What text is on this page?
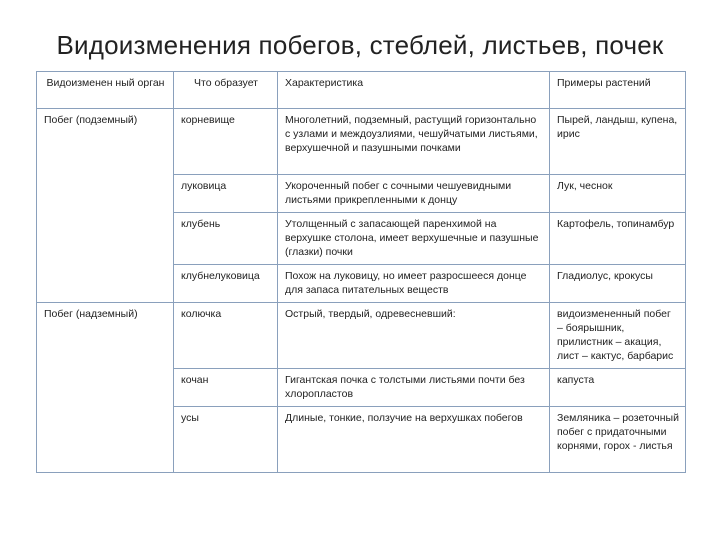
Видоизменения побегов, стеблей, листьев, почек
Видоизменен ный орган	Что образует	Характеристика	Примеры растений
Побег (подземный)	корневище	Многолетний, подземный, растущий горизонтально с узлами и междоузлиями, чешуйчатыми листьями, верхушечной и пазушными почками	Пырей, ландыш, купена, ирис
	луковица	Укороченный побег с сочными чешуевидными листьями прикрепленными к донцу	Лук, чеснок
	клубень	Утолщенный с запасающей паренхимой на верхушке столона, имеет верхушечные и пазушные (глазки) почки	Картофель, топинамбур
	клубнелуковица	Похож на луковицу, но имеет разросшееся донце для запаса питательных веществ	Гладиолус, крокусы
Побег (надземный)	колючка	Острый, твердый, одревесневший:	видоизмененный побег – боярышник, прилистник – акация, лист – кактус, барбарис
	кочан	Гигантская почка с толстыми листьями почти без хлоропластов	капуста
	усы	Длиные, тонкие, ползучие на верхушках побегов	Земляника – розеточный побег с придаточными корнями, горох - листья
